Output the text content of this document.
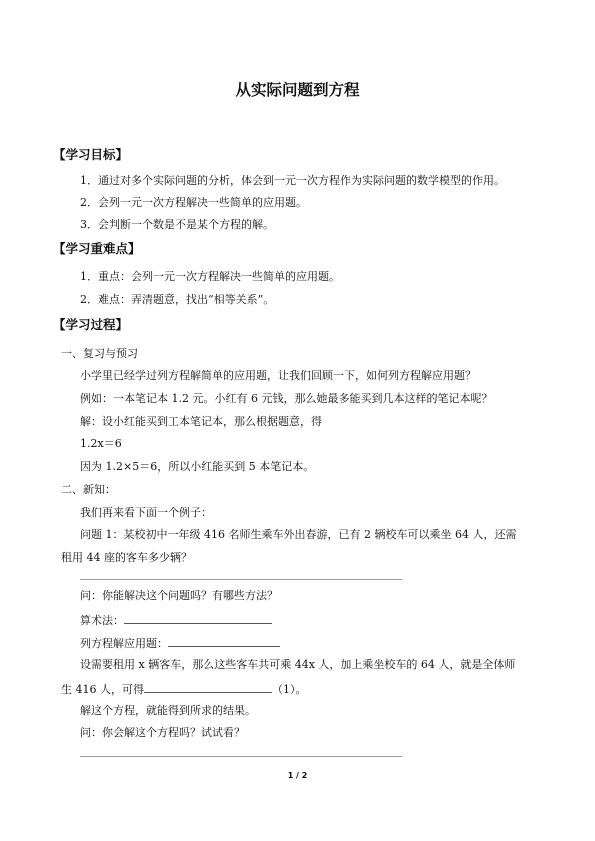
从实际问题到方程
【学习目标】
1．通过对多个实际问题的分析，体会到一元一次方程作为实际问题的数学模型的作用。
2．会列一元一次方程解决一些简单的应用题。
3．会判断一个数是不是某个方程的解。
【学习重难点】
1．重点：会列一元一次方程解决一些简单的应用题。
2．难点：弄清题意，找出“相等关系”。
【学习过程】
一、复习与预习
小学里已经学过列方程解简单的应用题，让我们回顾一下，如何列方程解应用题？
例如：一本笔记本 1.2 元。小红有 6 元钱，那么她最多能买到几本这样的笔记本呢？
解：设小红能买到工本笔记本，那么根据题意，得
1.2x＝6
因为 1.2×5＝6，所以小红能买到 5 本笔记本。
二、新知：
我们再来看下面一个例子：
问题 1：某校初中一年级 416 名师生乘车外出春游，已有 2 辆校车可以乘坐 64 人，还需
租用 44 座的客车多少辆？
问：你能解决这个问题吗？有哪些方法？
算术法：
列方程解应用题：
设需要租用 x 辆客车，那么这些客车共可乘 44x 人，加上乘坐校车的 64 人，就是全体师
生 416 人，可得	（1）。
解这个方程，就能得到所求的结果。
问：你会解这个方程吗？试试看？
1 / 2
